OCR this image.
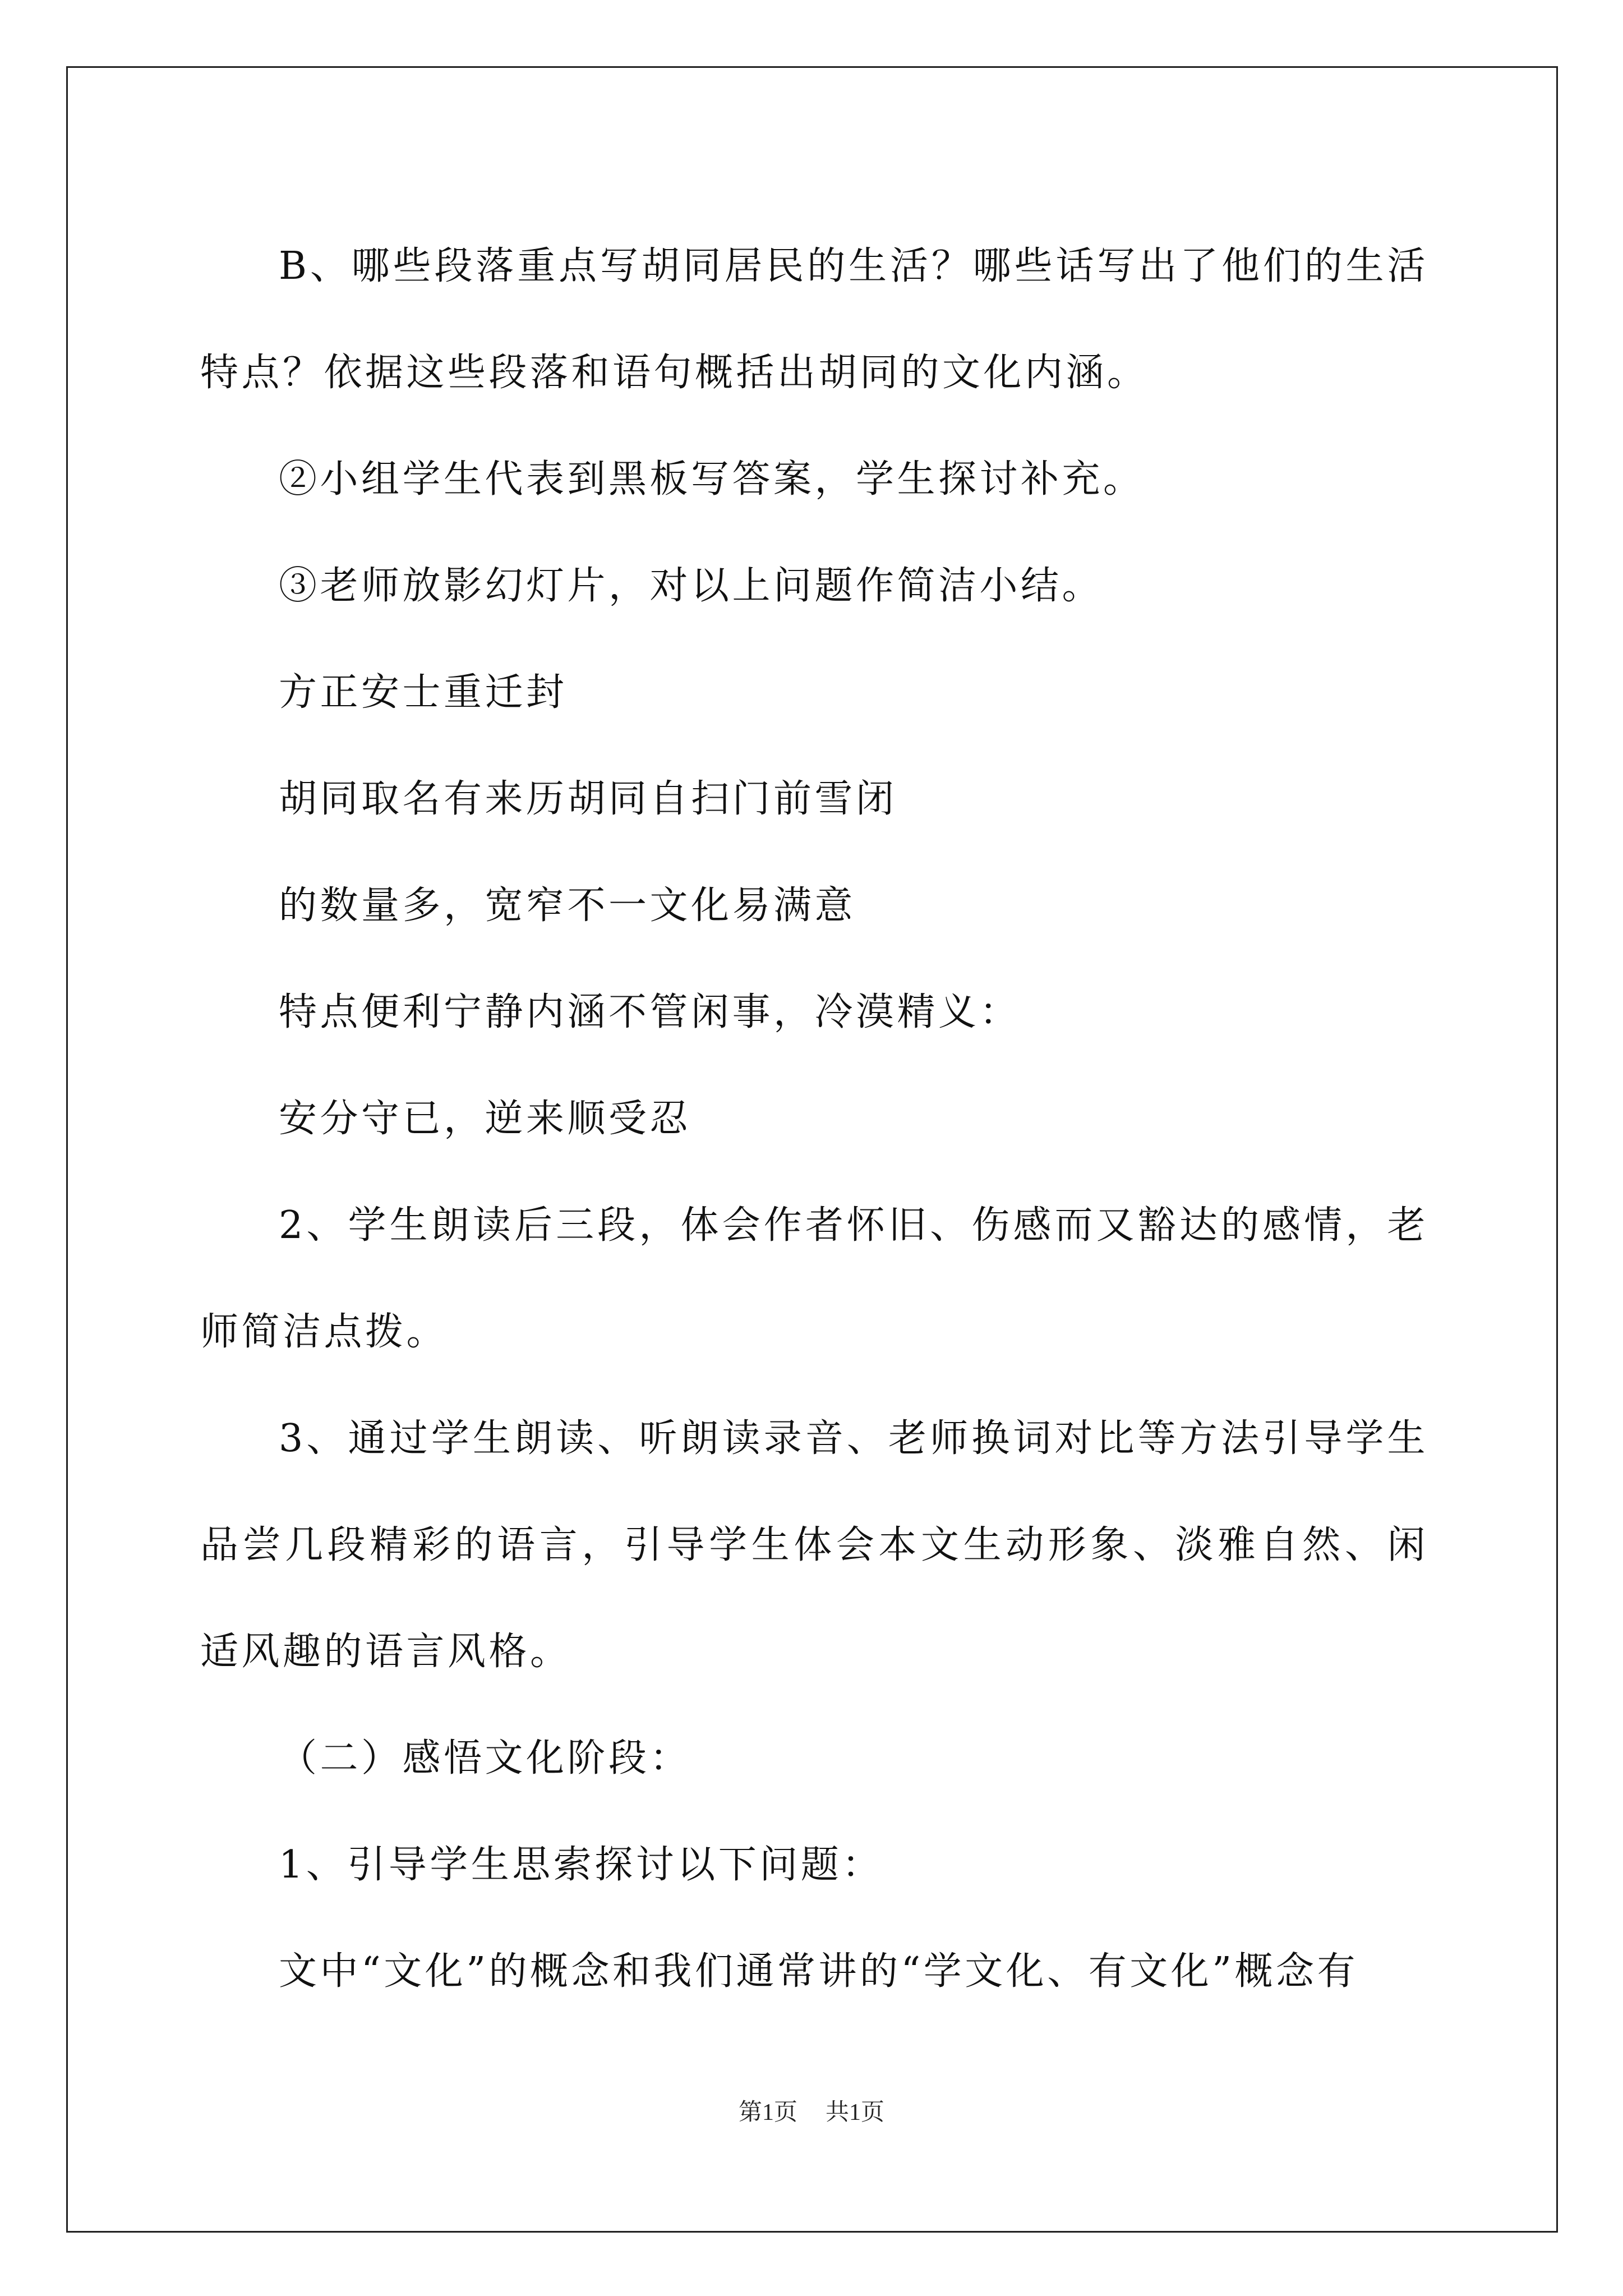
B、哪些段落重点写胡同居民的生活？哪些话写出了他们的生活特点？依据这些段落和语句概括出胡同的文化内涵。

②小组学生代表到黑板写答案，学生探讨补充。

③老师放影幻灯片，对以上问题作简洁小结。

方正安士重迁封

胡同取名有来历胡同自扫门前雪闭

的数量多，宽窄不一文化易满意

特点便利宁静内涵不管闲事，冷漠精义：

安分守已，逆来顺受忍

2、学生朗读后三段，体会作者怀旧、伤感而又豁达的感情，老师简洁点拨。

3、通过学生朗读、听朗读录音、老师换词对比等方法引导学生品尝几段精彩的语言，引导学生体会本文生动形象、淡雅自然、闲适风趣的语言风格。

（二）感悟文化阶段：

1、引导学生思索探讨以下问题：

文中“文化”的概念和我们通常讲的“学文化、有文化”概念有

第1页 共1页
